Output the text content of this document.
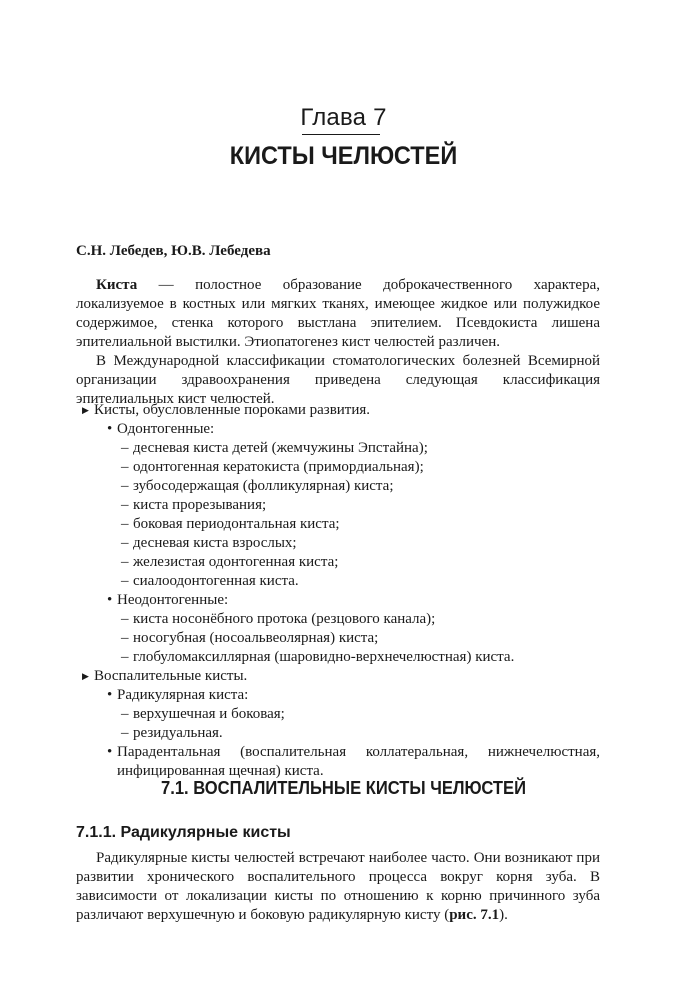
Глава 7
КИСТЫ ЧЕЛЮСТЕЙ
С.Н. Лебедев, Ю.В. Лебедева

Киста — полостное образование доброкачественного характера, локализуемое в костных или мягких тканях, имеющее жидкое или полужидкое содержимое, стенка которого выстлана эпителием. Псевдокиста лишена эпителиальной выстилки. Этиопатогенез кист челюстей различен.

В Международной классификации стоматологических болезней Всемирной организации здравоохранения приведена следующая классификация эпителиальных кист челюстей.

▶ Кисты, обусловленные пороками развития.
• Одонтогенные:
– десневая киста детей (жемчужины Эпстайна);
– одонтогенная кератокиста (примордиальная);
– зубосодержащая (фолликулярная) киста;
– киста прорезывания;
– боковая периодонтальная киста;
– десневая киста взрослых;
– железистая одонтогенная киста;
– сиалоодонтогенная киста.
• Неодонтогенные:
– киста носонёбного протока (резцового канала);
– носогубная (носоальвеолярная) киста;
– глобуломаксиллярная (шаровидно-верхнечелюстная) киста.
▶ Воспалительные кисты.
• Радикулярная киста:
– верхушечная и боковая;
– резидуальная.
• Парадентальная (воспалительная коллатеральная, нижнечелюстная, инфицированная щечная) киста.
7.1. ВОСПАЛИТЕЛЬНЫЕ КИСТЫ ЧЕЛЮСТЕЙ
7.1.1. Радикулярные кисты

Радикулярные кисты челюстей встречают наиболее часто. Они возникают при развитии хронического воспалительного процесса вокруг корня зуба. В зависимости от локализации кисты по отношению к корню причинного зуба различают верхушечную и боковую радикулярную кисту (рис. 7.1).
